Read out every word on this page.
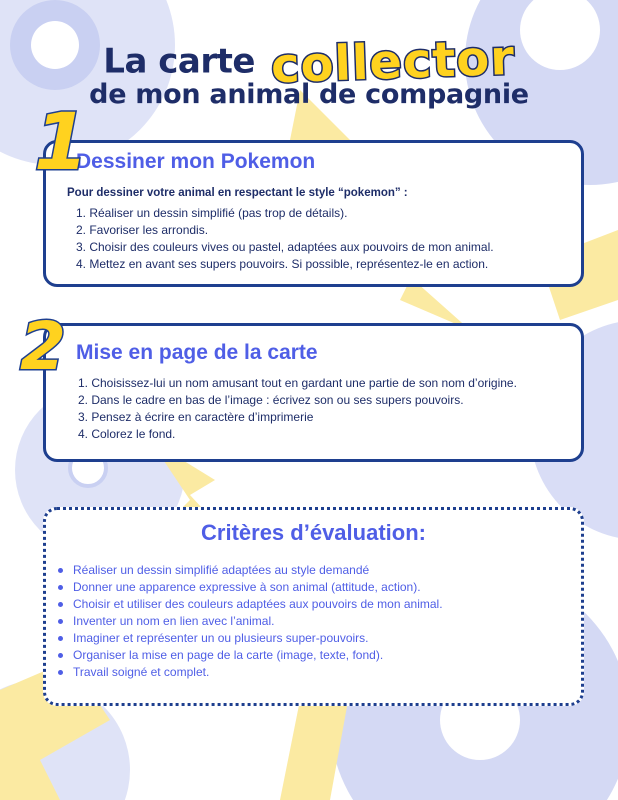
La carte collector
de mon animal de compagnie
1
Dessiner mon Pokemon
Pour dessiner votre animal en respectant le style “pokemon” :
1. Réaliser un dessin simplifié (pas trop de détails).
2. Favoriser les arrondis.
3. Choisir des couleurs vives ou pastel, adaptées aux pouvoirs de mon animal.
4. Mettez en avant ses supers pouvoirs. Si possible, représentez-le en action.
2 Mise en page de la carte
1. Choisissez-lui un nom amusant tout en gardant une partie de son nom d’origine.
2. Dans le cadre en bas de l’image : écrivez son ou ses supers pouvoirs.
3. Pensez à écrire en caractère d’imprimerie
4. Colorez le fond.
Critères d’évaluation:
Réaliser un dessin simplifié adaptées au style demandé
Donner une apparence expressive à son animal (attitude, action).
Choisir et utiliser des couleurs adaptées aux pouvoirs de mon animal.
Inventer un nom en lien avec l’animal.
Imaginer et représenter un ou plusieurs super-pouvoirs.
Organiser la mise en page de la carte (image, texte, fond).
Travail soigné et complet.
